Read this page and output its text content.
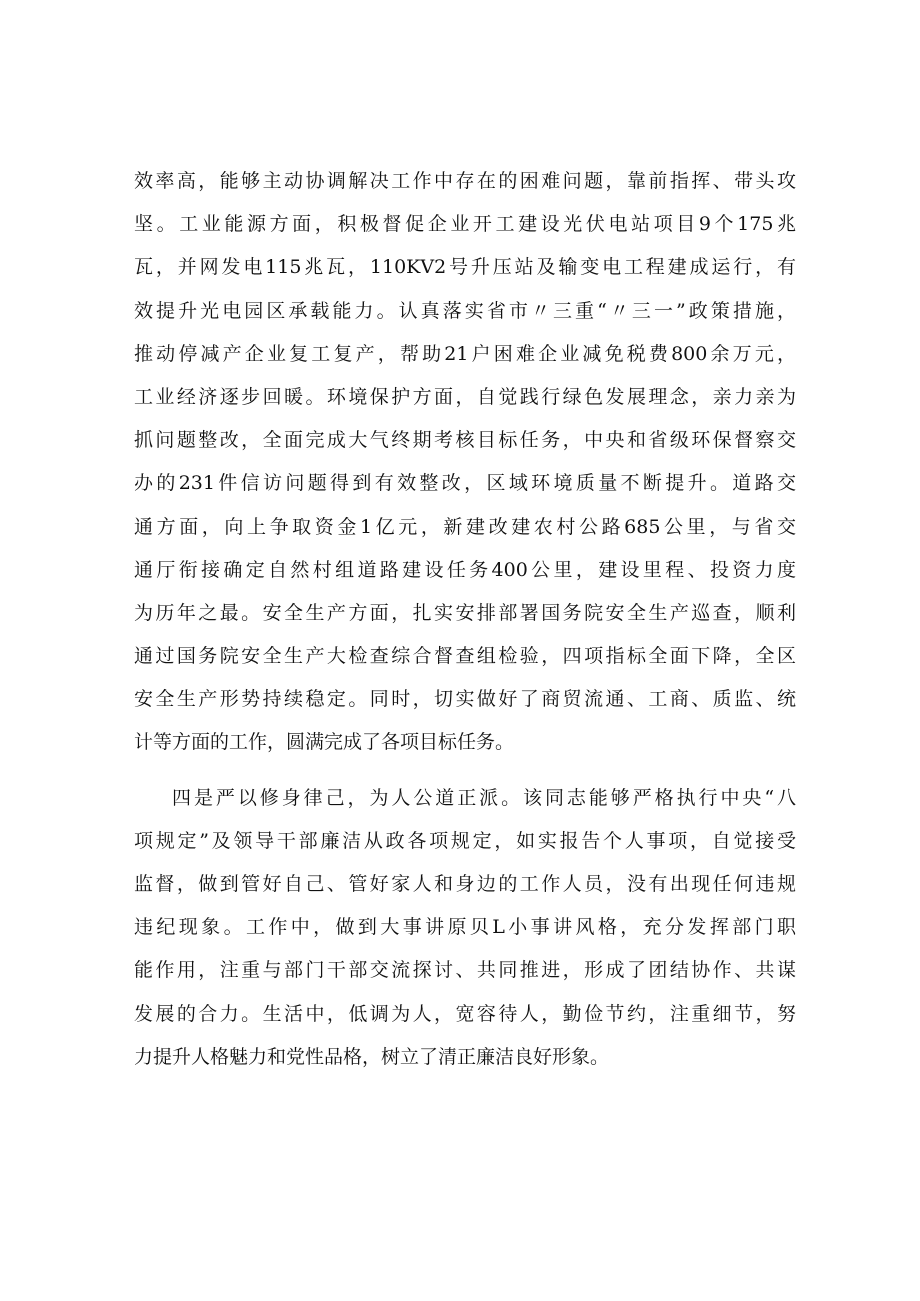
效率高，能够主动协调解决工作中存在的困难问题，靠前指挥、带头攻
坚。工业能源方面，积极督促企业开工建设光伏电站项目9个175兆
瓦，并网发电115兆瓦，110KV2号升压站及输变电工程建成运行，有
效提升光电园区承载能力。认真落实省市〃三重“〃三一”政策措施，
推动停减产企业复工复产，帮助21户困难企业减免税费800余万元，
工业经济逐步回暖。环境保护方面，自觉践行绿色发展理念，亲力亲为
抓问题整改，全面完成大气终期考核目标任务，中央和省级环保督察交
办的231件信访问题得到有效整改，区域环境质量不断提升。道路交
通方面，向上争取资金1亿元，新建改建农村公路685公里，与省交
通厅衔接确定自然村组道路建设任务400公里，建设里程、投资力度
为历年之最。安全生产方面，扎实安排部署国务院安全生产巡查，顺利
通过国务院安全生产大检查综合督查组检验，四项指标全面下降，全区
安全生产形势持续稳定。同时，切实做好了商贸流通、工商、质监、统
计等方面的工作，圆满完成了各项目标任务。
四是严以修身律己，为人公道正派。该同志能够严格执行中央“八
项规定”及领导干部廉洁从政各项规定，如实报告个人事项，自觉接受
监督，做到管好自己、管好家人和身边的工作人员，没有出现任何违规
违纪现象。工作中，做到大事讲原贝L小事讲风格，充分发挥部门职
能作用，注重与部门干部交流探讨、共同推进，形成了团结协作、共谋
发展的合力。生活中，低调为人，宽容待人，勤俭节约，注重细节，努
力提升人格魅力和党性品格，树立了清正廉洁良好形象。
